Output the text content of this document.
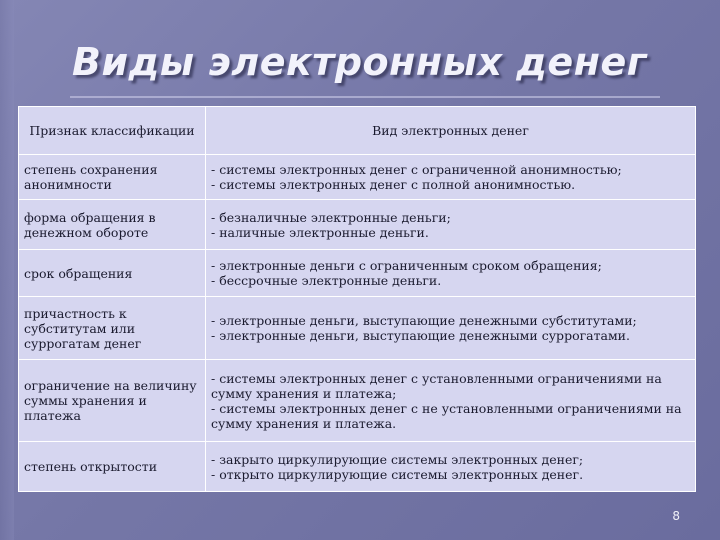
Виды электронных денег
Признак классификации	Вид электронных денег
степень сохранения анонимности	- системы электронных денег с ограниченной анонимностью;
- системы электронных денег с полной анонимностью.

форма обращения в денежном обороте	- безналичные электронные деньги;
- наличные электронные деньги.

срок обращения	- электронные деньги с ограниченным сроком обращения;
- бессрочные электронные деньги.

причастность к субститутам или суррогатам денег	- электронные деньги, выступающие денежными субститутами;
- электронные деньги, выступающие денежными суррогатами.

ограничение на величину суммы хранения и платежа	- системы электронных денег с установленными ограничениями на сумму хранения и платежа;
- системы электронных денег с не установленными ограничениями на сумму хранения и платежа.

степень открытости	- закрыто циркулирующие системы электронных денег;
- открыто циркулирующие системы электронных денег.
8
